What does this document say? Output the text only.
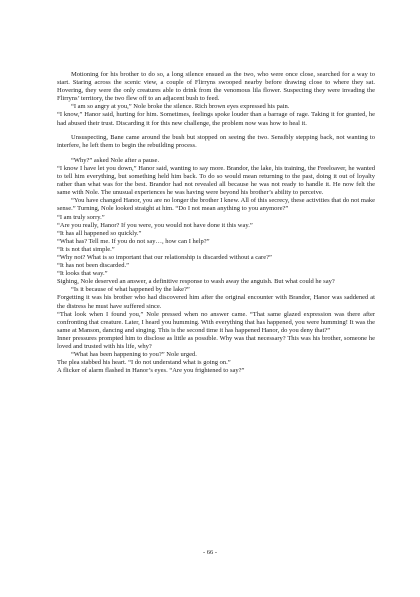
Motioning for his brother to do so, a long silence ensued as the two, who were once close, searched for a way to start. Staring across the scenic view, a couple of Flirryns swooped nearby before drawing close to where they sat. Hovering, they were the only creatures able to drink from the venomous lila flower. Suspecting they were invading the Flirryns’ territory, the two flew off to an adjacent bush to feed.

“I am so angry at you,” Nole broke the silence. Rich brown eyes expressed his pain.

“I know,” Hanor said, hurting for him. Sometimes, feelings spoke louder than a barrage of rage. Taking it for granted, he had abused their trust. Discarding it for this new challenge, the problem now was how to heal it.

Unsuspecting, Bane came around the bush but stopped on seeing the two. Sensibly stepping back, not wanting to interfere, he left them to begin the rebuilding process.

“Why?” asked Nole after a pause.

“I know I have let you down,” Hanor said, wanting to say more. Brandor, the lake, his training, the Freeloaver, he wanted to tell him everything, but something held him back. To do so would mean returning to the past, doing it out of loyalty rather than what was for the best. Brandor had not revealed all because he was not ready to handle it. He now felt the same with Nole. The unusual experiences he was having were beyond his brother’s ability to perceive.

“You have changed Hanor, you are no longer the brother I knew. All of this secrecy, these activities that do not make sense.” Turning, Nole looked straight at him. “Do I not mean anything to you anymore?”

“I am truly sorry.”

“Are you really, Hanor? If you were, you would not have done it this way.”

“It has all happened so quickly.”

“What has? Tell me. If you do not say…, how can I help?”

“It is not that simple.”

“Why not? What is so important that our relationship is discarded without a care?”

“It has not been discarded.”

“It looks that way.”

Sighing, Nole deserved an answer, a definitive response to wash away the anguish. But what could he say?

“Is it because of what happened by the lake?”

Forgetting it was his brother who had discovered him after the original encounter with Brandor, Hanor was saddened at the distress he must have suffered since.

“That look when I found you,” Nole pressed when no answer came. “That same glazed expression was there after confronting that creature. Later, I heard you humming. With everything that has happened, you were humming! It was the same at Manson, dancing and singing. This is the second time it has happened Hanor, do you deny that?”

Inner pressures prompted him to disclose as little as possible. Why was that necessary? This was his brother, someone he loved and trusted with his life, why?

“What has been happening to you?” Nole urged.

The plea stabbed his heart. “I do not understand what is going on.”

A flicker of alarm flashed in Hanor’s eyes. “Are you frightened to say?”

- 66 -
